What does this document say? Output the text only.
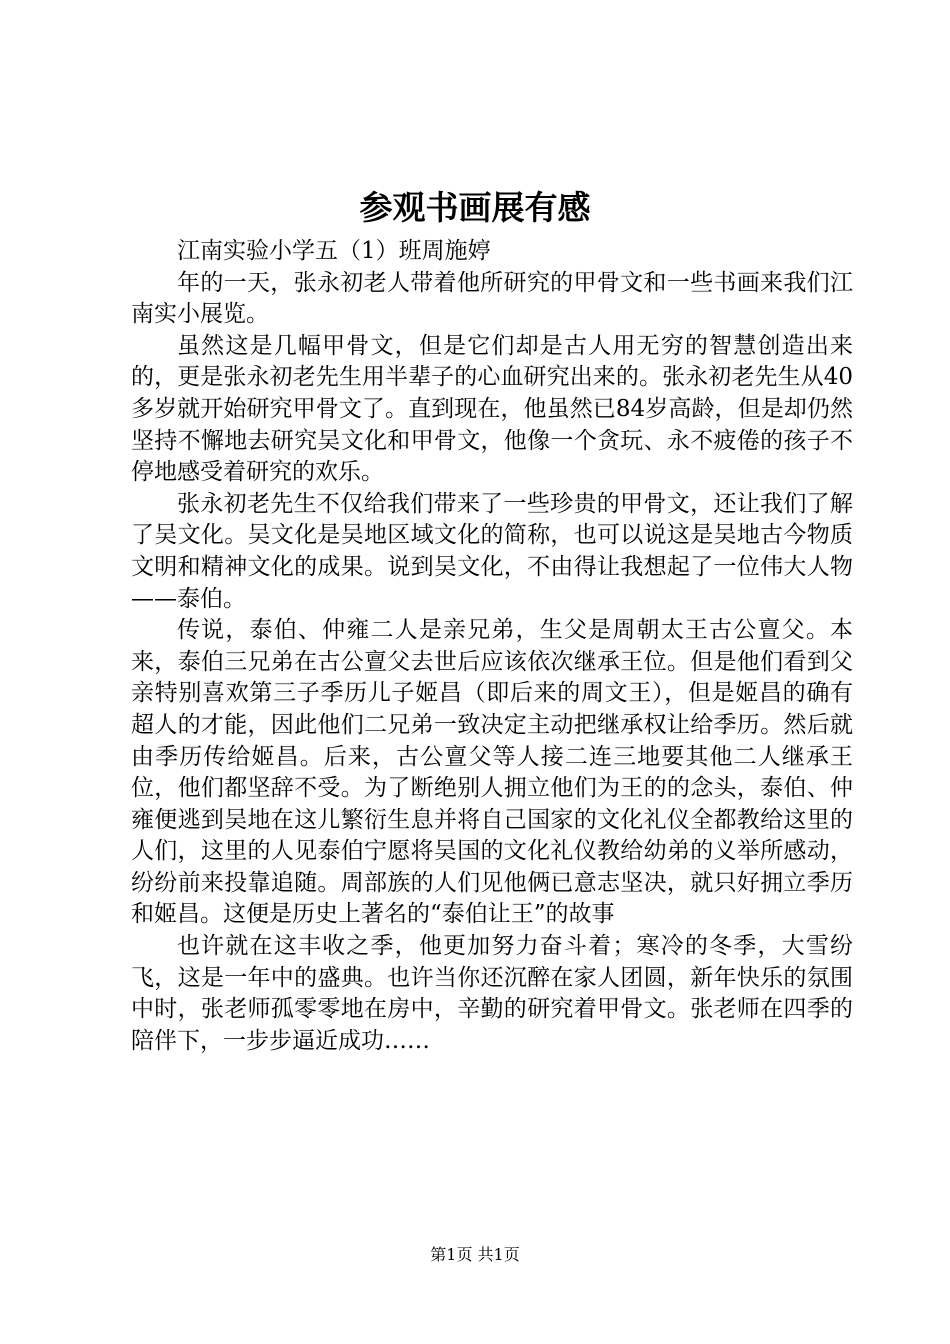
参观书画展有感

江南实验小学五（1）班周施婷

年的一天，张永初老人带着他所研究的甲骨文和一些书画来我们江南实小展览。

虽然这是几幅甲骨文，但是它们却是古人用无穷的智慧创造出来的，更是张永初老先生用半辈子的心血研究出来的。张永初老先生从40多岁就开始研究甲骨文了。直到现在，他虽然已84岁高龄，但是却仍然坚持不懈地去研究吴文化和甲骨文，他像一个贪玩、永不疲倦的孩子不停地感受着研究的欢乐。

张永初老先生不仅给我们带来了一些珍贵的甲骨文，还让我们了解了吴文化。吴文化是吴地区域文化的简称，也可以说这是吴地古今物质文明和精神文化的成果。说到吴文化，不由得让我想起了一位伟大人物——泰伯。

传说，泰伯、仲雍二人是亲兄弟，生父是周朝太王古公亶父。本来，泰伯三兄弟在古公亶父去世后应该依次继承王位。但是他们看到父亲特别喜欢第三子季历儿子姬昌（即后来的周文王），但是姬昌的确有超人的才能，因此他们二兄弟一致决定主动把继承权让给季历。然后就由季历传给姬昌。后来，古公亶父等人接二连三地要其他二人继承王位，他们都坚辞不受。为了断绝别人拥立他们为王的的念头，泰伯、仲雍便逃到吴地在这儿繁衍生息并将自己国家的文化礼仪全都教给这里的人们，这里的人见泰伯宁愿将吴国的文化礼仪教给幼弟的义举所感动，纷纷前来投靠追随。周部族的人们见他俩已意志坚决，就只好拥立季历和姬昌。这便是历史上著名的“泰伯让王”的故事

也许就在这丰收之季，他更加努力奋斗着；寒冷的冬季，大雪纷飞，这是一年中的盛典。也许当你还沉醉在家人团圆，新年快乐的氛围中时，张老师孤零零地在房中，辛勤的研究着甲骨文。张老师在四季的陪伴下，一步步逼近成功……

第1页 共1页
